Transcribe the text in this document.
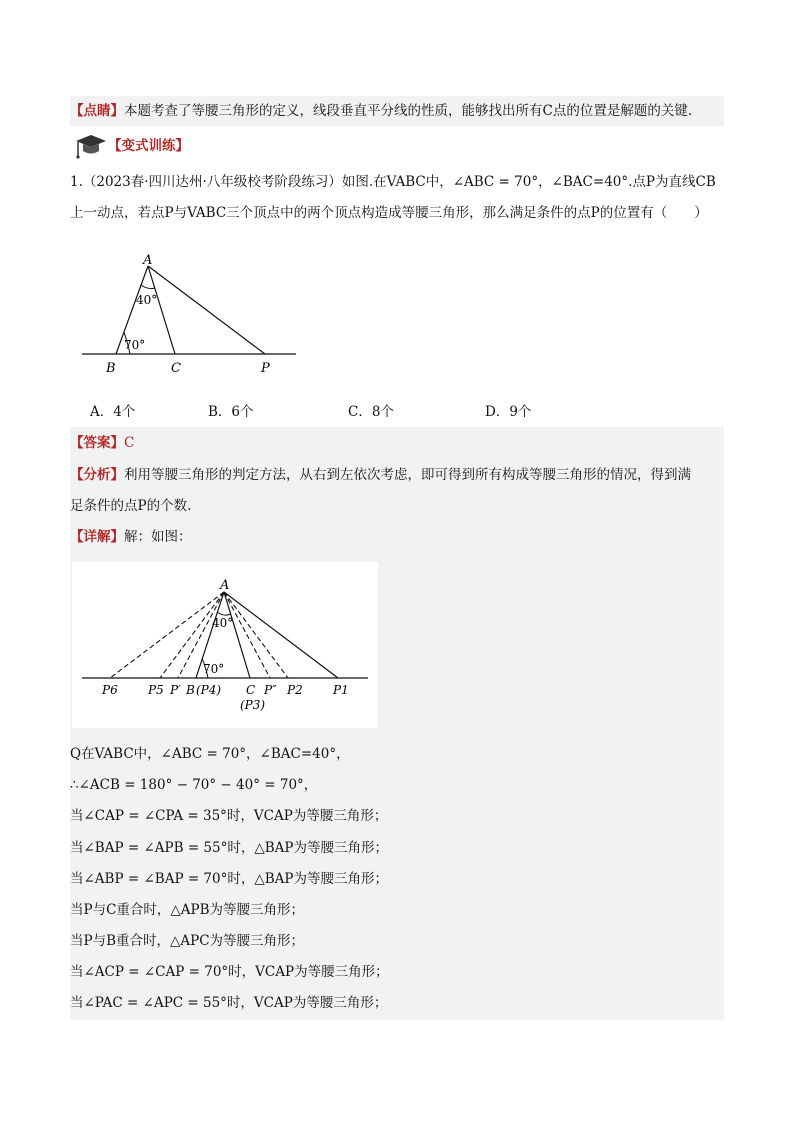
【点睛】本题考查了等腰三角形的定义，线段垂直平分线的性质，能够找出所有C点的位置是解题的关键.
【变式训练】
1.（2023春·四川达州·八年级校考阶段练习）如图.在VABC中，∠ABC = 70°，∠BAC=40°.点P为直线CB
上一动点，若点P与VABC三个顶点中的两个顶点构造成等腰三角形，那么满足条件的点P的位置有（　　）
A
40°
70°
B	C	P
A．4个	B．6个	C．8个	D．9个
【答案】C
【分析】利用等腰三角形的判定方法，从右到左依次考虑，即可得到所有构成等腰三角形的情况，得到满
足条件的点P的个数.
【详解】解：如图：
A
40°
70°
P6	P5 P′ B (P4) C
(P3)
P″ P2	P1
Q在VABC中，∠ABC = 70°，∠BAC=40°，
∴∠ACB = 180° − 70° − 40° = 70°，
当∠CAP = ∠CPA = 35°时，VCAP为等腰三角形；
当∠BAP = ∠APB = 55°时，△BAP为等腰三角形；
当∠ABP = ∠BAP = 70°时，△BAP为等腰三角形；
当P与C重合时，△APB为等腰三角形；
当P与B重合时，△APC为等腰三角形；
当∠ACP = ∠CAP = 70°时，VCAP为等腰三角形；
当∠PAC = ∠APC = 55°时，VCAP为等腰三角形；
